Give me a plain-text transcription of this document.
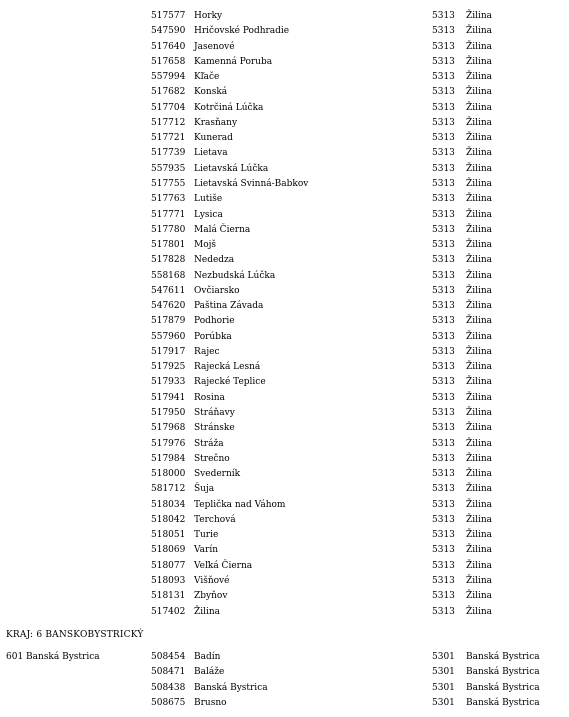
517577 Horky	5313	Žilina
547590 Hričovské Podhradie	5313	Žilina
517640 Jasenové	5313	Žilina
517658 Kamenná Poruba	5313	Žilina
557994 Kľače	5313	Žilina
517682 Konská	5313	Žilina
517704 Kotrčiná Lúčka	5313	Žilina
517712 Krasňany	5313	Žilina
517721 Kunerad	5313	Žilina
517739 Lietava	5313	Žilina
557935 Lietavská Lúčka	5313	Žilina
517755 Lietavská Svinná-Babkov	5313	Žilina
517763 Lutiše	5313	Žilina
517771 Lysica	5313	Žilina
517780 Malá Čierna	5313	Žilina
517801 Mojš	5313	Žilina
517828 Nededza	5313	Žilina
558168 Nezbudská Lúčka	5313	Žilina
547611 Ovčiarsko	5313	Žilina
547620 Paština Závada	5313	Žilina
517879 Podhorie	5313	Žilina
557960 Porúbka	5313	Žilina
517917 Rajec	5313	Žilina
517925 Rajecká Lesná	5313	Žilina
517933 Rajecké Teplice	5313	Žilina
517941 Rosina	5313	Žilina
517950 Stráňavy	5313	Žilina
517968 Stránske	5313	Žilina
517976 Stráža	5313	Žilina
517984 Strečno	5313	Žilina
518000 Svederník	5313	Žilina
581712 Šuja	5313	Žilina
518034 Teplička nad Váhom	5313	Žilina
518042 Terchová	5313	Žilina
518051 Turie	5313	Žilina
518069 Varín	5313	Žilina
518077 Veľká Čierna	5313	Žilina
518093 Višňové	5313	Žilina
518131 Zbyňov	5313	Žilina
517402 Žilina	5313	Žilina
KRAJ: 6 BANSKOBYSTRICKÝ
601 Banská Bystrica	508454 Badín	5301	Banská Bystrica
508471 Baláže	5301	Banská Bystrica
508438 Banská Bystrica	5301	Banská Bystrica
508675 Brusno	5301	Banská Bystrica
